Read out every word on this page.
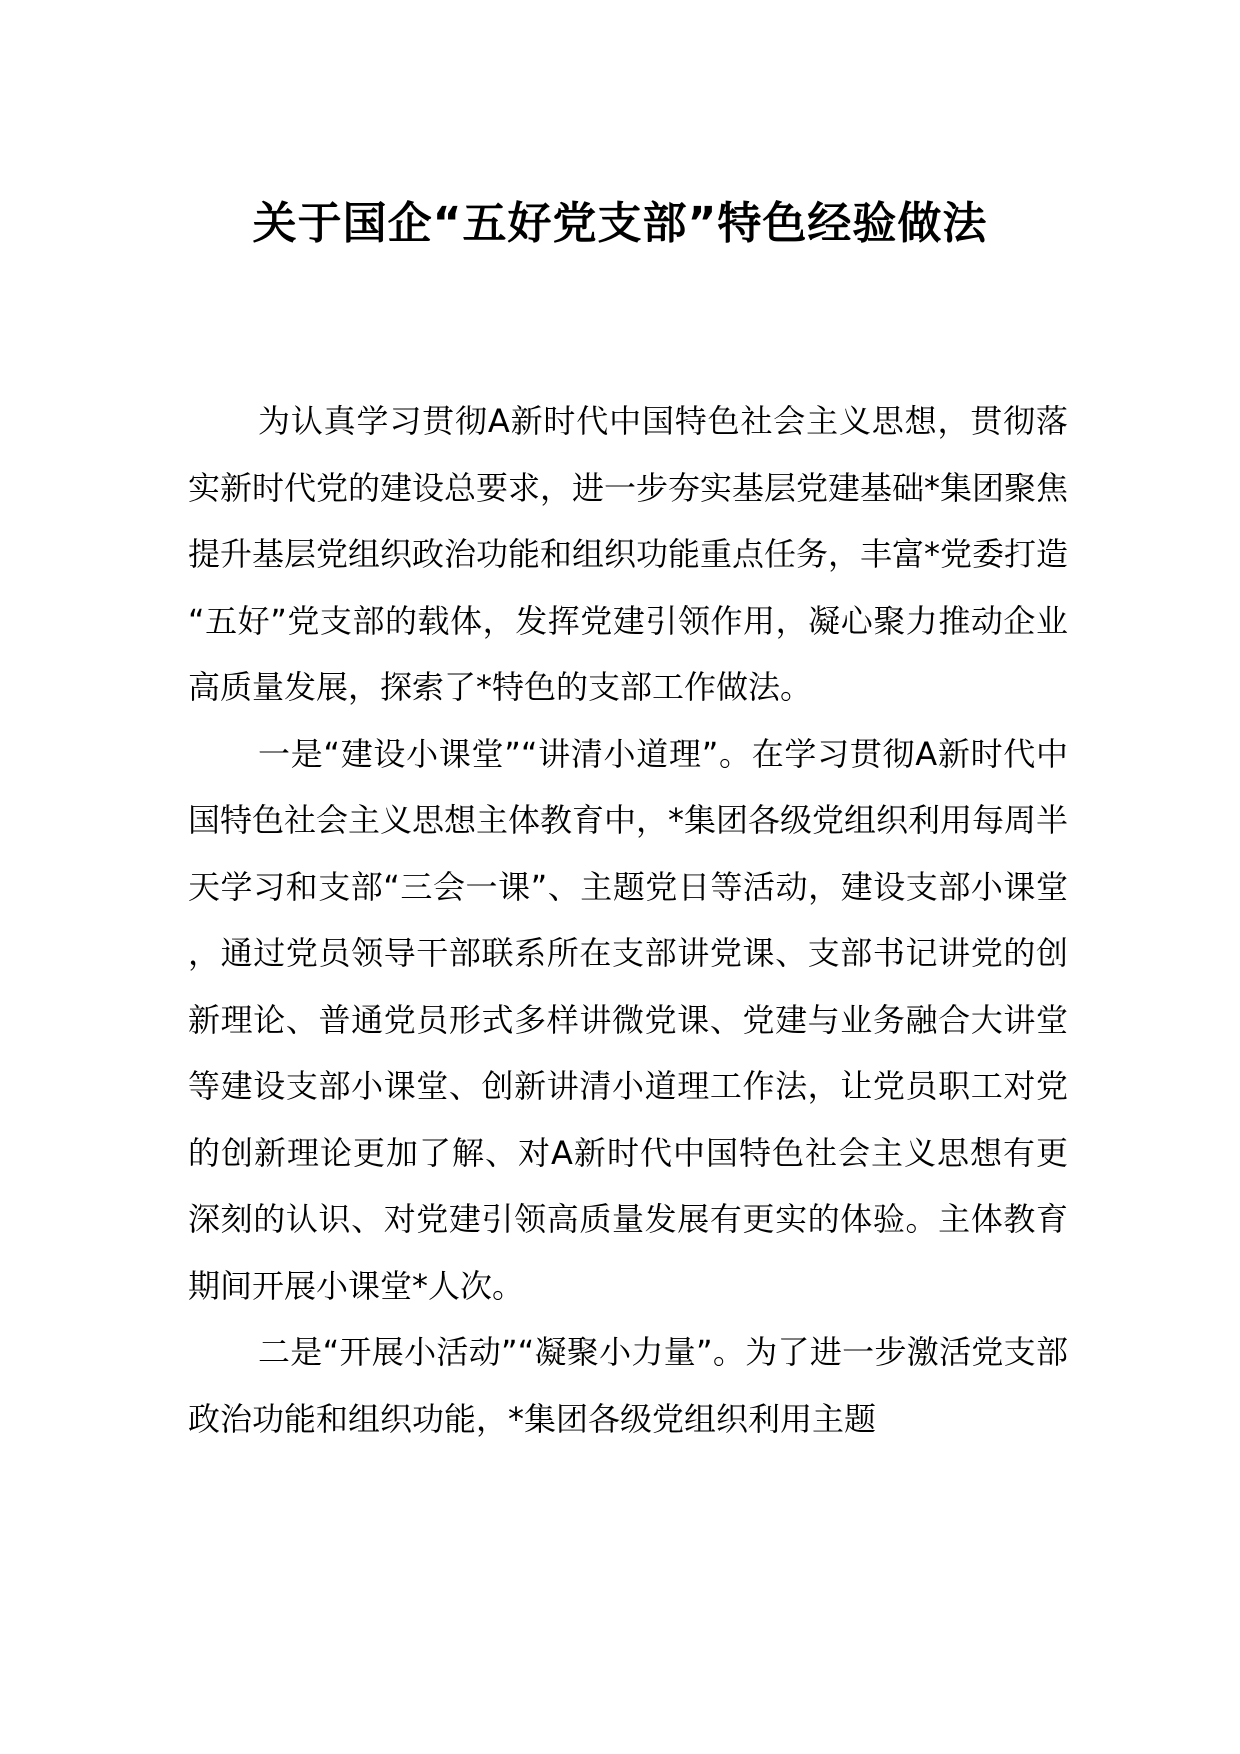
关于国企“五好党支部”特色经验做法

为认真学习贯彻A新时代中国特色社会主义思想，贯彻落实新时代党的建设总要求，进一步夯实基层党建基础*集团聚焦提升基层党组织政治功能和组织功能重点任务，丰富*党委打造“五好”党支部的载体，发挥党建引领作用，凝心聚力推动企业高质量发展，探索了*特色的支部工作做法。

一是“建设小课堂”“讲清小道理”。在学习贯彻A新时代中国特色社会主义思想主体教育中，*集团各级党组织利用每周半天学习和支部“三会一课”、主题党日等活动，建设支部小课堂，通过党员领导干部联系所在支部讲党课、支部书记讲党的创新理论、普通党员形式多样讲微党课、党建与业务融合大讲堂等建设支部小课堂、创新讲清小道理工作法，让党员职工对党的创新理论更加了解、对A新时代中国特色社会主义思想有更深刻的认识、对党建引领高质量发展有更实的体验。主体教育期间开展小课堂*人次。

二是“开展小活动”“凝聚小力量”。为了进一步激活党支部政治功能和组织功能，*集团各级党组织利用主题
